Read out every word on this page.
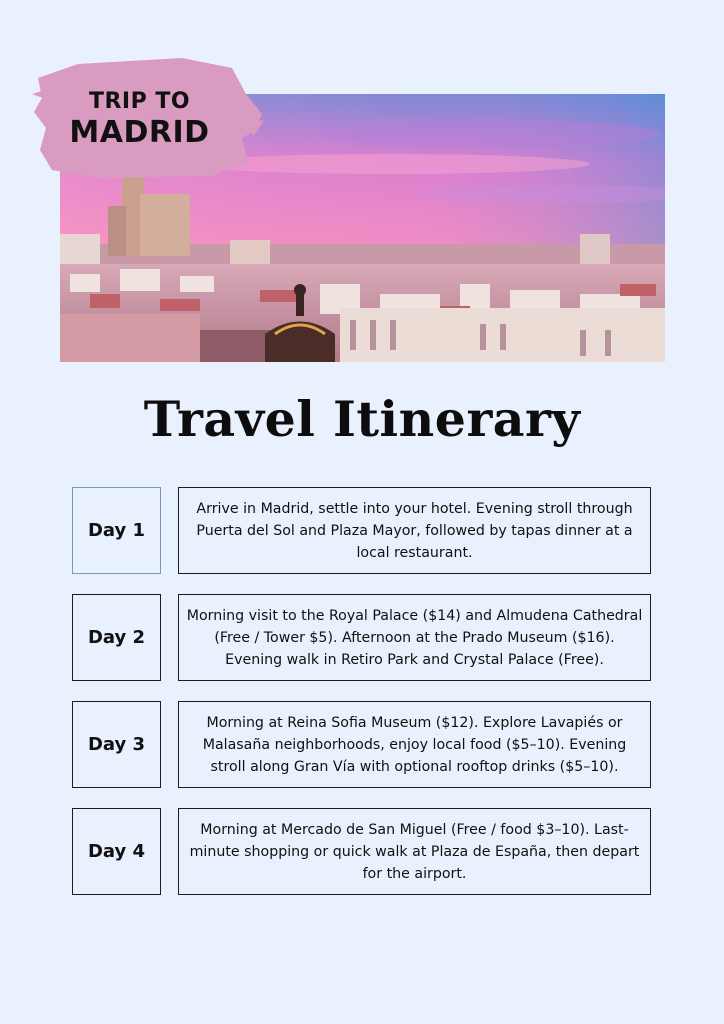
TRIP TO
MADRID
Travel Itinerary
Day 1
Arrive in Madrid, settle into your hotel. Evening stroll through Puerta del Sol and Plaza Mayor, followed by tapas dinner at a local restaurant.
Day 2
Morning visit to the Royal Palace ($14) and Almudena Cathedral (Free / Tower $5). Afternoon at the Prado Museum ($16). Evening walk in Retiro Park and Crystal Palace (Free).
Day 3
Morning at Reina Sofia Museum ($12). Explore Lavapiés or Malasaña neighborhoods, enjoy local food ($5–10). Evening stroll along Gran Vía with optional rooftop drinks ($5–10).
Day 4
Morning at Mercado de San Miguel (Free / food $3–10). Last-minute shopping or quick walk at Plaza de España, then depart for the airport.
